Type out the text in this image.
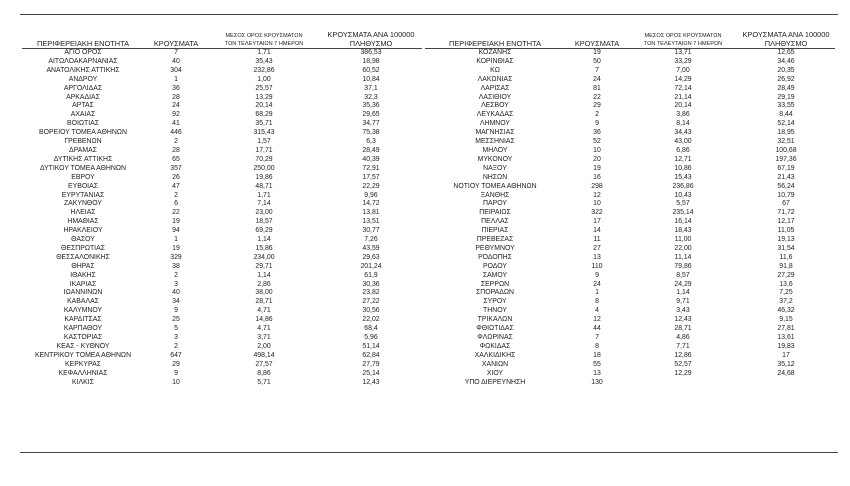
ΠΕΡΙΦΕΡΕΙΑΚΗ ΕΝΟΤΗΤΑ	ΚΡΟΥΣΜΑΤΑ	ΜΕΣΟΣ ΟΡΟΣ ΚΡΟΥΣΜΑΤΩΝ
ΤΩΝ ΤΕΛΕΥΤΑΙΩΝ 7 ΗΜΕΡΩΝ	ΚΡΟΥΣΜΑΤΑ ΑΝΑ 100000
ΠΛΗΘΥΣΜΟ
ΑΓΙΟ ΟΡΟΣ	7	1,71	386,53
ΑΙΤΩΛΟΑΚΑΡΝΑΝΙΑΣ	40	35,43	18,98
ΑΝΑΤΟΛΙΚΗΣ ΑΤΤΙΚΗΣ	304	232,86	60,52
ΑΝΔΡΟΥ	1	1,00	10,84
ΑΡΓΟΛΙΔΑΣ	36	25,57	37,1
ΑΡΚΑΔΙΑΣ	28	13,29	32,3
ΑΡΤΑΣ	24	20,14	35,36
ΑΧΑΪΑΣ	92	68,29	29,65
ΒΟΙΩΤΙΑΣ	41	35,71	34,77
ΒΟΡΕΙΟΥ ΤΟΜΕΑ ΑΘΗΝΩΝ	446	315,43	75,38
ΓΡΕΒΕΝΩΝ	2	1,57	6,3
ΔΡΑΜΑΣ	28	17,71	28,49
ΔΥΤΙΚΗΣ ΑΤΤΙΚΗΣ	65	70,29	40,39
ΔΥΤΙΚΟΥ ΤΟΜΕΑ ΑΘΗΝΩΝ	357	250,00	72,91
ΕΒΡΟΥ	26	19,86	17,57
ΕΥΒΟΙΑΣ	47	48,71	22,29
ΕΥΡΥΤΑΝΙΑΣ	2	1,71	9,96
ΖΑΚΥΝΘΟΥ	6	7,14	14,72
ΗΛΕΙΑΣ	22	23,00	13,81
ΗΜΑΘΙΑΣ	19	18,57	13,51
ΗΡΑΚΛΕΙΟΥ	94	69,29	30,77
ΘΑΣΟΥ	1	1,14	7,26
ΘΕΣΠΡΩΤΙΑΣ	19	15,86	43,59
ΘΕΣΣΑΛΟΝΙΚΗΣ	329	234,00	29,63
ΘΗΡΑΣ	38	29,71	201,24
ΙΘΑΚΗΣ	2	1,14	61,9
ΙΚΑΡΙΑΣ	3	2,86	30,36
ΙΩΑΝΝΙΝΩΝ	40	38,00	23,82
ΚΑΒΑΛΑΣ	34	28,71	27,22
ΚΑΛΥΜΝΟΥ	9	4,71	30,56
ΚΑΡΔΙΤΣΑΣ	25	14,86	22,02
ΚΑΡΠΑΘΟΥ	5	4,71	68,4
ΚΑΣΤΟΡΙΑΣ	3	3,71	5,96
ΚΕΑΣ - ΚΥΘΝΟΥ	2	2,00	51,14
ΚΕΝΤΡΙΚΟΥ ΤΟΜΕΑ ΑΘΗΝΩΝ	647	498,14	62,84
ΚΕΡΚΥΡΑΣ	29	27,57	27,79
ΚΕΦΑΛΛΗΝΙΑΣ	9	8,86	25,14
ΚΙΛΚΙΣ	10	5,71	12,43
ΠΕΡΙΦΕΡΕΙΑΚΗ ΕΝΟΤΗΤΑ	ΚΡΟΥΣΜΑΤΑ	ΜΕΣΟΣ ΟΡΟΣ ΚΡΟΥΣΜΑΤΩΝ
ΤΩΝ ΤΕΛΕΥΤΑΙΩΝ 7 ΗΜΕΡΩΝ	ΚΡΟΥΣΜΑΤΑ ΑΝΑ 100000
ΠΛΗΘΥΣΜΟ
ΚΟΖΑΝΗΣ	19	13,71	12,65
ΚΟΡΙΝΘΙΑΣ	50	33,29	34,46
ΚΩ	7	7,00	20,35
ΛΑΚΩΝΙΑΣ	24	14,29	26,92
ΛΑΡΙΣΑΣ	81	72,14	28,49
ΛΑΣΙΘΙΟΥ	22	21,14	29,19
ΛΕΣΒΟΥ	29	20,14	33,55
ΛΕΥΚΑΔΑΣ	2	3,86	8,44
ΛΗΜΝΟΥ	9	8,14	52,14
ΜΑΓΝΗΣΙΑΣ	36	34,43	18,95
ΜΕΣΣΗΝΙΑΣ	52	43,00	32,51
ΜΗΛΟΥ	10	6,86	100,68
ΜΥΚΟΝΟΥ	20	12,71	197,36
ΝΑΞΟΥ	19	10,86	67,19
ΝΗΣΩΝ	16	15,43	21,43
ΝΟΤΙΟΥ ΤΟΜΕΑ ΑΘΗΝΩΝ	298	236,86	56,24
ΞΑΝΘΗΣ	12	10,43	10,79
ΠΑΡΟΥ	10	5,57	67
ΠΕΙΡΑΙΩΣ	322	235,14	71,72
ΠΕΛΛΑΣ	17	16,14	12,17
ΠΙΕΡΙΑΣ	14	18,43	11,05
ΠΡΕΒΕΖΑΣ	11	11,00	19,13
ΡΕΘΥΜΝΟΥ	27	22,00	31,54
ΡΟΔΟΠΗΣ	13	11,14	11,6
ΡΟΔΟΥ	110	79,86	91,8
ΣΑΜΟΥ	9	8,57	27,29
ΣΕΡΡΩΝ	24	24,29	13,6
ΣΠΟΡΑΔΩΝ	1	1,14	7,25
ΣΥΡΟΥ	8	9,71	37,2
ΤΗΝΟΥ	4	3,43	46,32
ΤΡΙΚΑΛΩΝ	12	12,43	9,15
ΦΘΙΩΤΙΔΑΣ	44	28,71	27,81
ΦΛΩΡΙΝΑΣ	7	4,86	13,61
ΦΩΚΙΔΑΣ	8	7,71	19,83
ΧΑΛΚΙΔΙΚΗΣ	18	12,86	17
ΧΑΝΙΩΝ	55	52,57	35,12
ΧΙΟΥ	13	12,29	24,68
ΥΠΟ ΔΙΕΡΕΥΝΗΣΗ	130		
